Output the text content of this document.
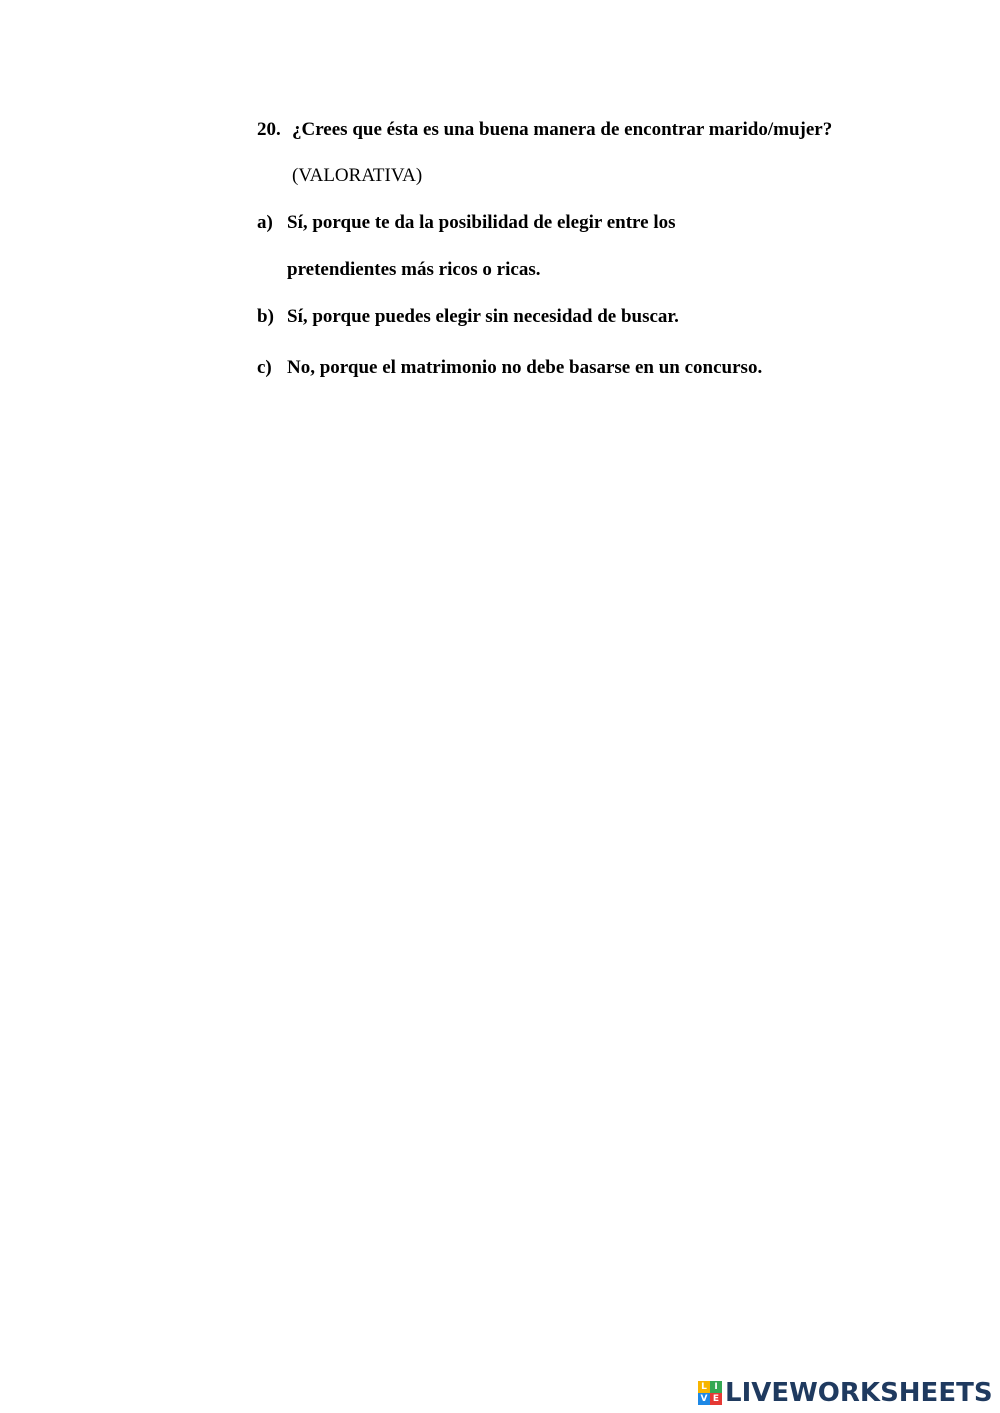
20. ¿Crees que ésta es una buena manera de encontrar marido/mujer?
(VALORATIVA)
a) Sí, porque te da la posibilidad de elegir entre los
pretendientes más ricos o ricas.
b) Sí, porque puedes elegir sin necesidad de buscar.
c) No, porque el matrimonio no debe basarse en un concurso.
L I
V E LIVEWORKSHEETS
